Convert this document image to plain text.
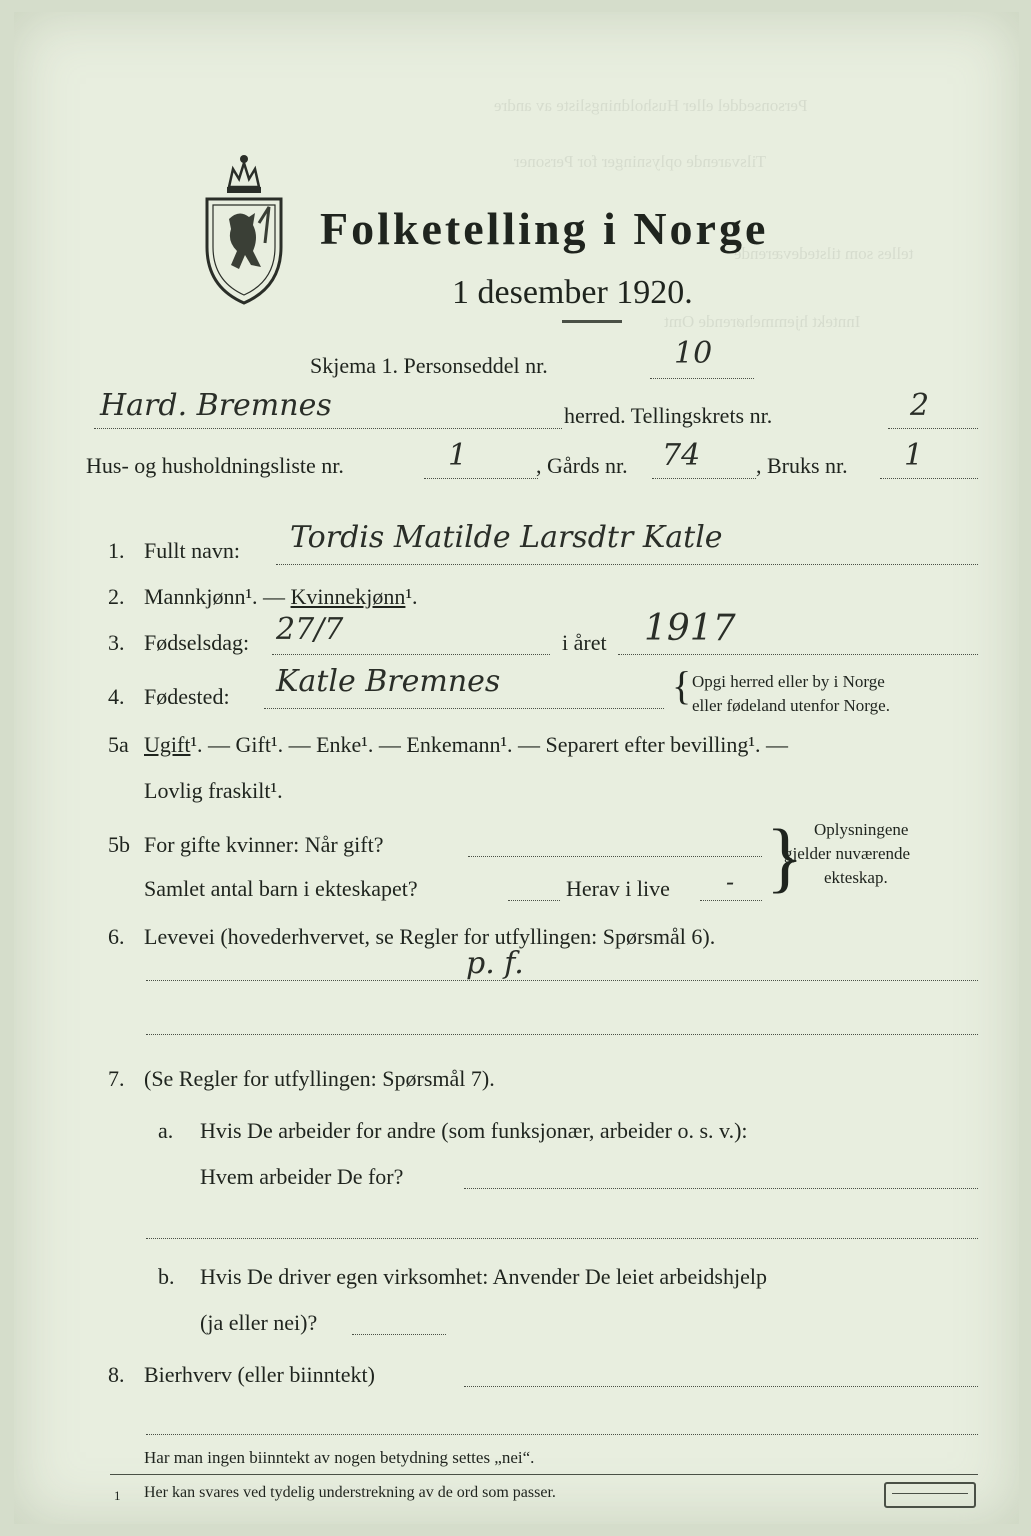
Personseddel eller Husholdningsliste av andre
Tilsvarende oplysninger for Personer
telles som tilstedeværende
Inntekt hjemmehørende Omt
Folketelling i Norge
1 desember 1920.
Skjema 1. Personseddel nr.	10
Hard. Bremnes	herred. Tellingskrets nr.	2
Hus- og husholdningsliste nr.	1	, Gårds nr. 74	, Bruks nr. 1
1. Fullt navn: Tordis Matilde Larsdtr Katle
2. Mannkjønn¹. — Kvinnekjønn¹.
3. Fødselsdag: 27/7	i året 1917
4. Fødested: Katle Bremnes	{ Opgi herred eller by i Norge
eller fødeland utenfor Norge.
5a Ugift¹. — Gift¹. — Enke¹. — Enkemann¹. — Separert efter bevilling¹. —
Lovlig fraskilt¹.
5b For gifte kvinner: Når gift?
Samlet antal barn i ekteskapet?	Herav i live - } Oplysningene
gjelder nuværende
ekteskap.
6. Levevei (hovederhvervet, se Regler for utfyllingen: Spørsmål 6).
p. f.
7. (Se Regler for utfyllingen: Spørsmål 7).
a. Hvis De arbeider for andre (som funksjonær, arbeider o. s. v.):
Hvem arbeider De for?
b. Hvis De driver egen virksomhet: Anvender De leiet arbeidshjelp
(ja eller nei)?
8. Bierhverv (eller biinntekt)
Har man ingen biinntekt av nogen betydning settes „nei“.
1 Her kan svares ved tydelig understrekning av de ord som passer.
